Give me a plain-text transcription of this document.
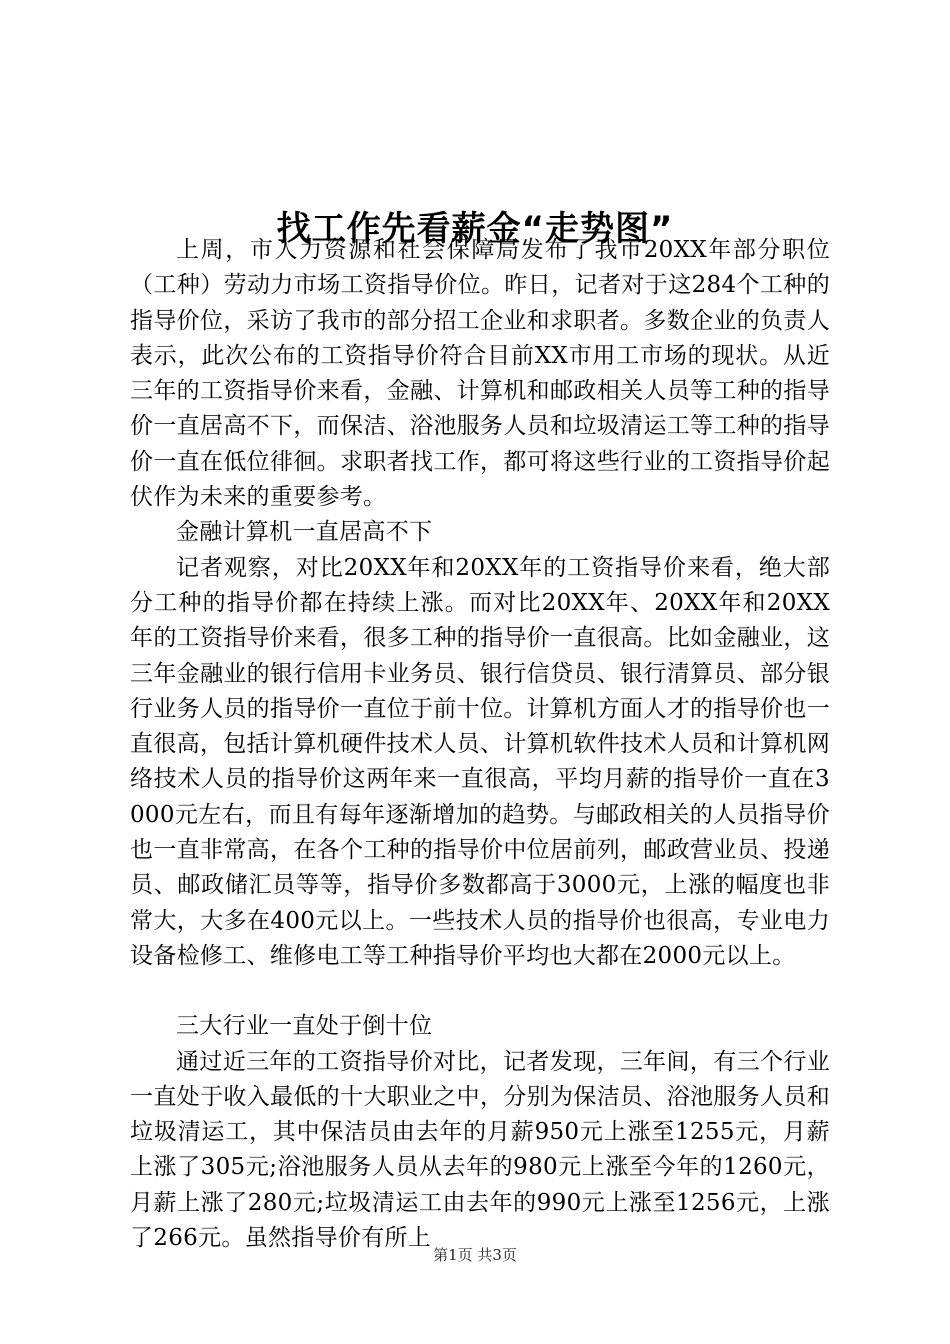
找工作先看薪金“走势图”

上周，市人力资源和社会保障局发布了我市20XX年部分职位（工种）劳动力市场工资指导价位。昨日，记者对于这284个工种的指导价位，采访了我市的部分招工企业和求职者。多数企业的负责人表示，此次公布的工资指导价符合目前XX市用工市场的现状。从近三年的工资指导价来看，金融、计算机和邮政相关人员等工种的指导价一直居高不下，而保洁、浴池服务人员和垃圾清运工等工种的指导价一直在低位徘徊。求职者找工作，都可将这些行业的工资指导价起伏作为未来的重要参考。

金融计算机一直居高不下

记者观察，对比20XX年和20XX年的工资指导价来看，绝大部分工种的指导价都在持续上涨。而对比20XX年、20XX年和20XX年的工资指导价来看，很多工种的指导价一直很高。比如金融业，这三年金融业的银行信用卡业务员、银行信贷员、银行清算员、部分银行业务人员的指导价一直位于前十位。计算机方面人才的指导价也一直很高，包括计算机硬件技术人员、计算机软件技术人员和计算机网络技术人员的指导价这两年来一直很高，平均月薪的指导价一直在3000元左右，而且有每年逐渐增加的趋势。与邮政相关的人员指导价也一直非常高，在各个工种的指导价中位居前列，邮政营业员、投递员、邮政储汇员等等，指导价多数都高于3000元，上涨的幅度也非常大，大多在400元以上。一些技术人员的指导价也很高，专业电力设备检修工、维修电工等工种指导价平均也大都在2000元以上。

三大行业一直处于倒十位

通过近三年的工资指导价对比，记者发现，三年间，有三个行业一直处于收入最低的十大职业之中，分别为保洁员、浴池服务人员和垃圾清运工，其中保洁员由去年的月薪950元上涨至1255元，月薪上涨了305元;浴池服务人员从去年的980元上涨至今年的1260元，月薪上涨了280元;垃圾清运工由去年的990元上涨至1256元，上涨了266元。虽然指导价有所上

第1页 共3页
